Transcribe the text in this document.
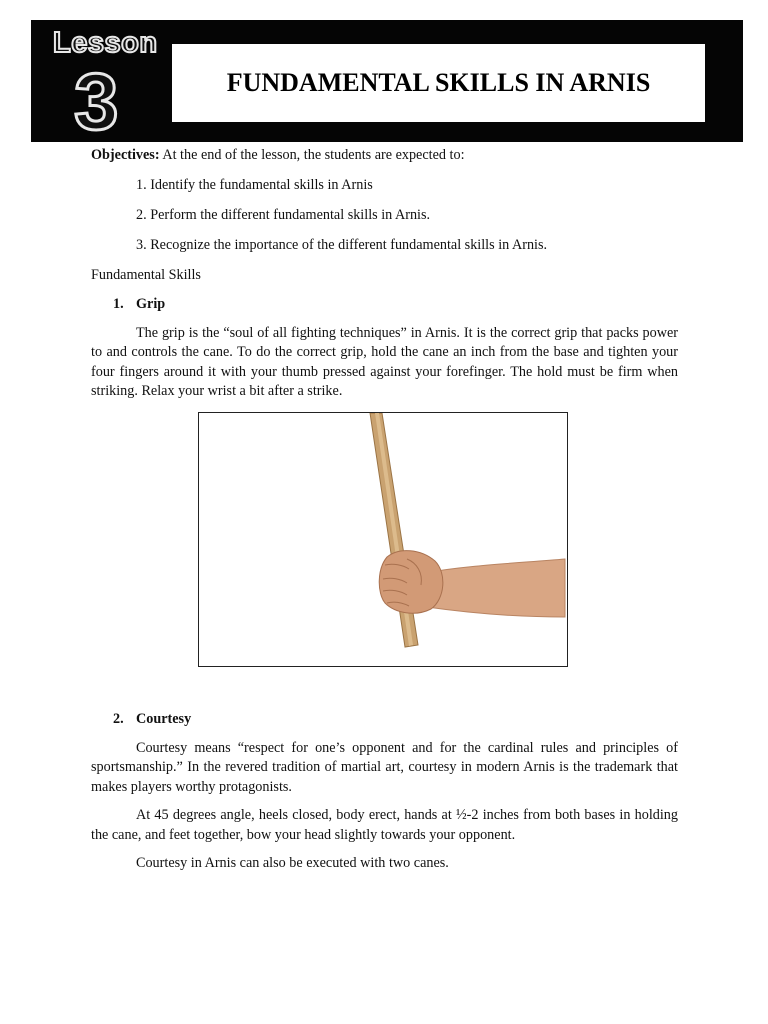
Lesson
3	FUNDAMENTAL SKILLS IN ARNIS

Objectives: At the end of the lesson, the students are expected to:

1. Identify the fundamental skills in Arnis

2. Perform the different fundamental skills in Arnis.

3. Recognize the importance of the different fundamental skills in Arnis.

Fundamental Skills

1. Grip

The grip is the “soul of all fighting techniques” in Arnis. It is the correct grip that packs power to and controls the cane. To do the correct grip, hold the cane an inch from the base and tighten your four fingers around it with your thumb pressed against your forefinger. The hold must be firm when striking. Relax your wrist a bit after a strike.

2. Courtesy

Courtesy means “respect for one’s opponent and for the cardinal rules and principles of sportsmanship.” In the revered tradition of martial art, courtesy in modern Arnis is the trademark that makes players worthy protagonists.

At 45 degrees angle, heels closed, body erect, hands at ½-2 inches from both bases in holding the cane, and feet together, bow your head slightly towards your opponent.

Courtesy in Arnis can also be executed with two canes.
